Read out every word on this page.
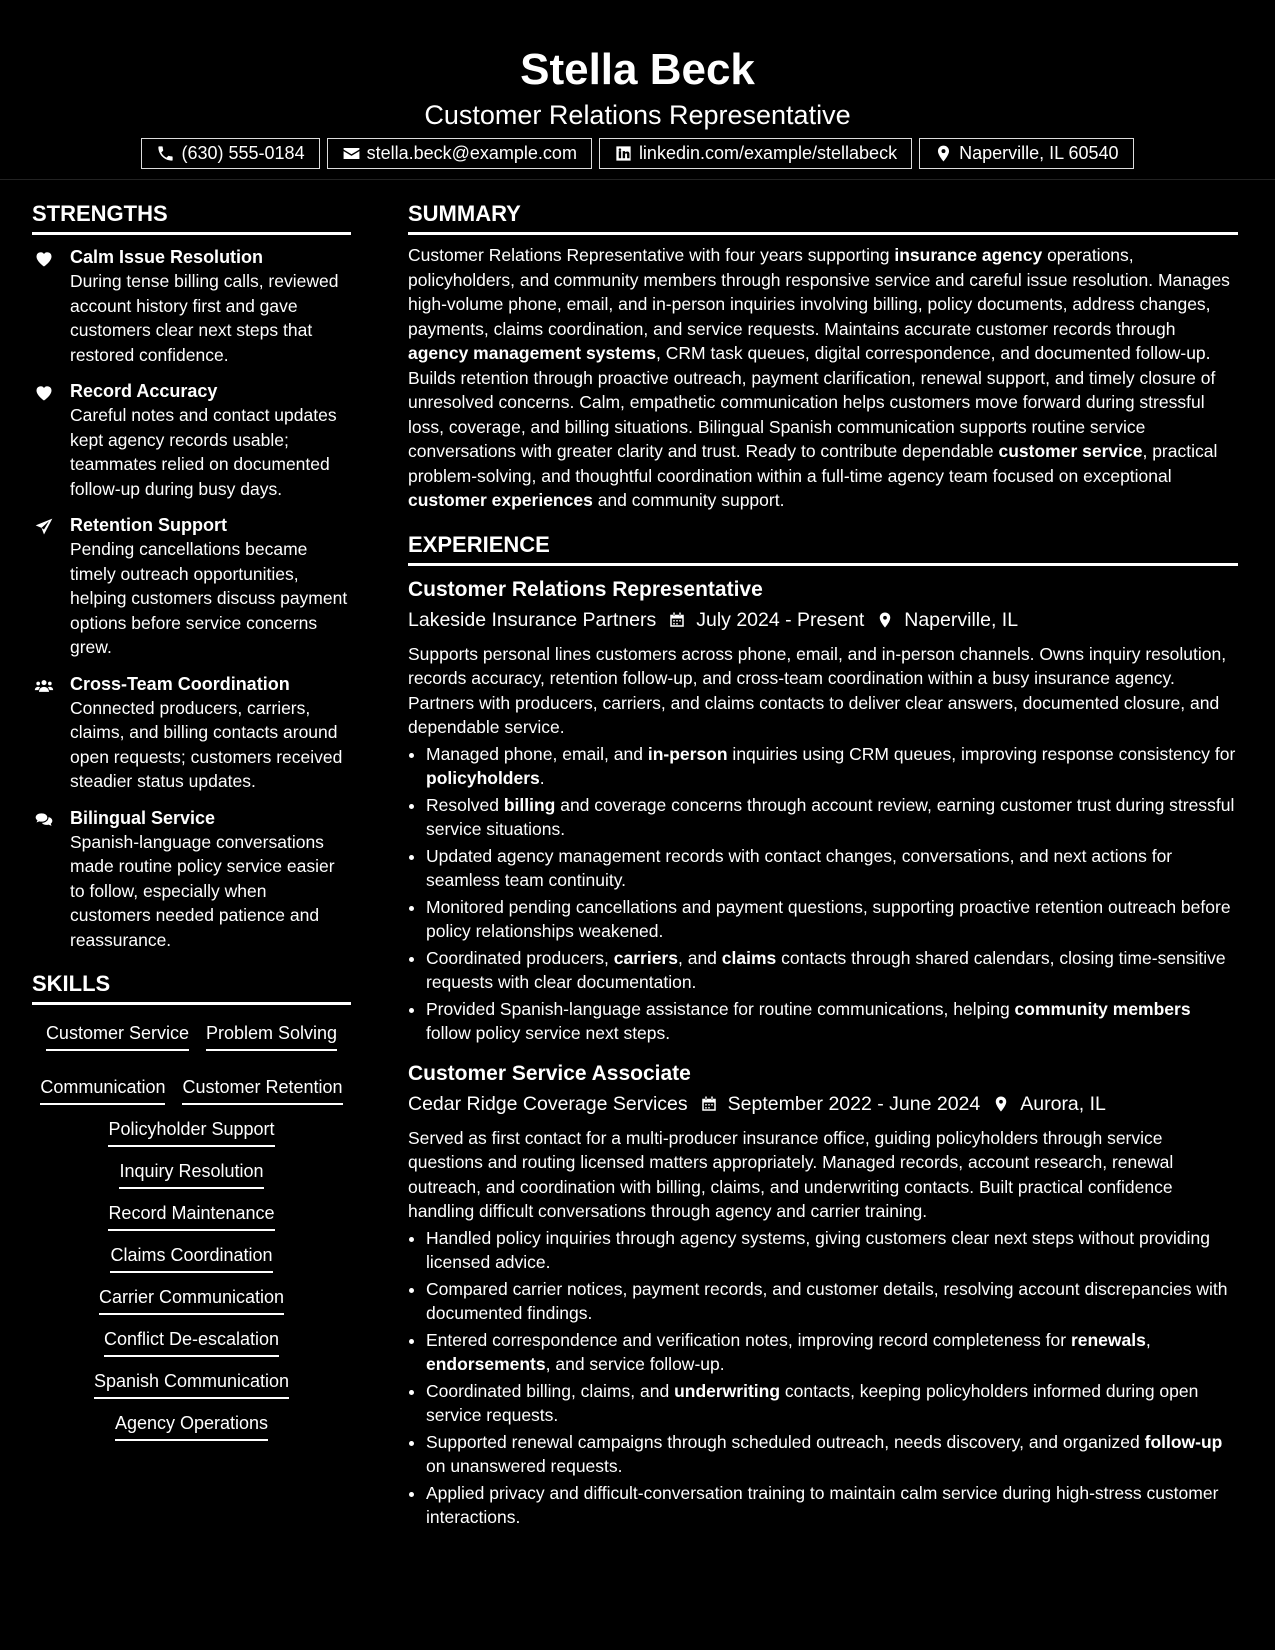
Stella Beck
Customer Relations Representative
(630) 555-0184	stella.beck@example.com	linkedin.com/example/stellabeck	Naperville, IL 60540
STRENGTHS
Calm Issue Resolution
During tense billing calls, reviewed account history first and gave customers clear next steps that restored confidence.
Record Accuracy
Careful notes and contact updates kept agency records usable; teammates relied on documented follow-up during busy days.
Retention Support
Pending cancellations became timely outreach opportunities, helping customers discuss payment options before service concerns grew.
Cross-Team Coordination
Connected producers, carriers, claims, and billing contacts around open requests; customers received steadier status updates.
Bilingual Service
Spanish-language conversations made routine policy service easier to follow, especially when customers needed patience and reassurance.
SKILLS
Customer Service Problem Solving
Communication Customer Retention
Policyholder Support
Inquiry Resolution
Record Maintenance
Claims Coordination
Carrier Communication
Conflict De-escalation
Spanish Communication
Agency Operations
SUMMARY

Customer Relations Representative with four years supporting insurance agency operations, policyholders, and community members through responsive service and careful issue resolution. Manages high-volume phone, email, and in-person inquiries involving billing, policy documents, address changes, payments, claims coordination, and service requests. Maintains accurate customer records through agency management systems, CRM task queues, digital correspondence, and documented follow-up. Builds retention through proactive outreach, payment clarification, renewal support, and timely closure of unresolved concerns. Calm, empathetic communication helps customers move forward during stressful loss, coverage, and billing situations. Bilingual Spanish communication supports routine service conversations with greater clarity and trust. Ready to contribute dependable customer service, practical problem-solving, and thoughtful coordination within a full-time agency team focused on exceptional customer experiences and community support.

EXPERIENCE
Customer Relations Representative
Lakeside Insurance Partners July 2024 - Present Naperville, IL
Supports personal lines customers across phone, email, and in-person channels. Owns inquiry resolution, records accuracy, retention follow-up, and cross-team coordination within a busy insurance agency. Partners with producers, carriers, and claims contacts to deliver clear answers, documented closure, and dependable service.
• Managed phone, email, and in-person inquiries using CRM queues, improving response consistency for policyholders.
• Resolved billing and coverage concerns through account review, earning customer trust during stressful service situations.
• Updated agency management records with contact changes, conversations, and next actions for seamless team continuity.
• Monitored pending cancellations and payment questions, supporting proactive retention outreach before policy relationships weakened.
• Coordinated producers, carriers, and claims contacts through shared calendars, closing time-sensitive requests with clear documentation.
• Provided Spanish-language assistance for routine communications, helping community members follow policy service next steps.
Customer Service Associate
Cedar Ridge Coverage Services September 2022 - June 2024 Aurora, IL
Served as first contact for a multi-producer insurance office, guiding policyholders through service questions and routing licensed matters appropriately. Managed records, account research, renewal outreach, and coordination with billing, claims, and underwriting contacts. Built practical confidence handling difficult conversations through agency and carrier training.
• Handled policy inquiries through agency systems, giving customers clear next steps without providing licensed advice.
• Compared carrier notices, payment records, and customer details, resolving account discrepancies with documented findings.
• Entered correspondence and verification notes, improving record completeness for renewals, endorsements, and service follow-up.
• Coordinated billing, claims, and underwriting contacts, keeping policyholders informed during open service requests.
• Supported renewal campaigns through scheduled outreach, needs discovery, and organized follow-up on unanswered requests.
• Applied privacy and difficult-conversation training to maintain calm service during high-stress customer interactions.
